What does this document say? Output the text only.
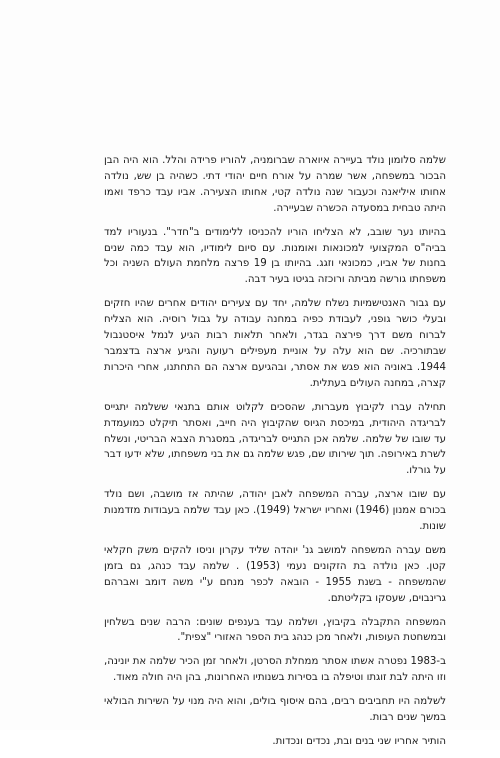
שלמה סלומון נולד בעיירה איוארה שברומניה, להוריו פרידה והלל. הוא היה הבן הבכור במשפחה, אשר שמרה על אורח חיים יהודי דתי. כשהיה בן שש, נולדה אחותו איליאנה וכעבור שנה נולדה קטי, אחותו הצעירה. אביו עבד כרפד ואמו היתה טבחית במסעדה הכשרה שבעיירה.

בהיותו נער שובב, לא הצליחו הוריו להכניסו ללימודים ב"חדר". בנעוריו למד בביה"ס המקצועי למכונאות ואומנות. עם סיום לימודיו, הוא עבד כמה שנים בחנות של אביו, כמכונאי וזגג. בהיותו בן 19 פרצה מלחמת העולם השניה וכל משפחתו גורשה מביתה ורוכזה בגיטו בעיר דבה.

עם גבור האנטישמיות נשלח שלמה, יחד עם צעירים יהודים אחרים שהיו חזקים ובעלי כושר גופני, לעבודת כפיה במחנה עבודה על גבול רוסיה. הוא הצליח לברוח משם דרך פירצה בגדר, ולאחר תלאות רבות הגיע לנמל איסטנבול שבתורכיה. שם הוא עלה על אוניית מעפילים רעועה והגיע ארצה בדצמבר 1944. באוניה הוא פגש את אסתר, ובהגיעם ארצה הם התחתנו, אחרי היכרות קצרה, במחנה העולים בעתלית.

תחילה עברו לקיבוץ מעברות, שהסכים לקלוט אותם בתנאי ששלמה יתגייס לבריגדה היהודית, במיכסת הגיוס שהקיבוץ היה חייב, ואסתר תיקלט כמועמדת עד שובו של שלמה. שלמה אכן התגייס לבריגדה, במסגרת הצבא הבריטי, ונשלח לשרת באירופה. תוך שירותו שם, פגש שלמה גם את בני משפחתו, שלא ידעו דבר על גורלו.

עם שובו ארצה, עברה המשפחה לאבן יהודה, שהיתה אז מושבה, ושם נולד בכורם אמנון (1946) ואחריו ישראל (1949). כאן עבד שלמה בעבודות מזדמנות שונות.

משם עברה המשפחה למושב גנ' יוהדה שליד עקרון וניסו להקים משק חקלאי קטן. כאן נולדה בת הזקונים נעמי (1953) . שלמה עבד כנהג, גם בזמן שהמשפחה - בשנת 1955 - הובאה לכפר מנחם ע"י משה דומב ואברהם גרינבוים, שעסקו בקליטתם.

המשפחה התקבלה בקיבוץ, ושלמה עבד בענפים שונים: הרבה שנים בשלחין ובמשחטת העופות, ולאחר מכן כנהג בית הספר האזורי "צפית".

ב-1983 נפטרה אשתו אסתר ממחלת הסרטן, ולאחר זמן הכיר שלמה את יונינה, וזו היתה לבת זוגתו וטיפלה בו בסירות בשנותיו האחרונות, בהן היה חולה מאוד.

לשלמה היו תחביבים רבים, בהם איסוף בולים, והוא היה מנוי על השירות הבולאי במשך שנים רבות.

הותיר אחריו שני בנים ובת, נכדים ונכדות.
